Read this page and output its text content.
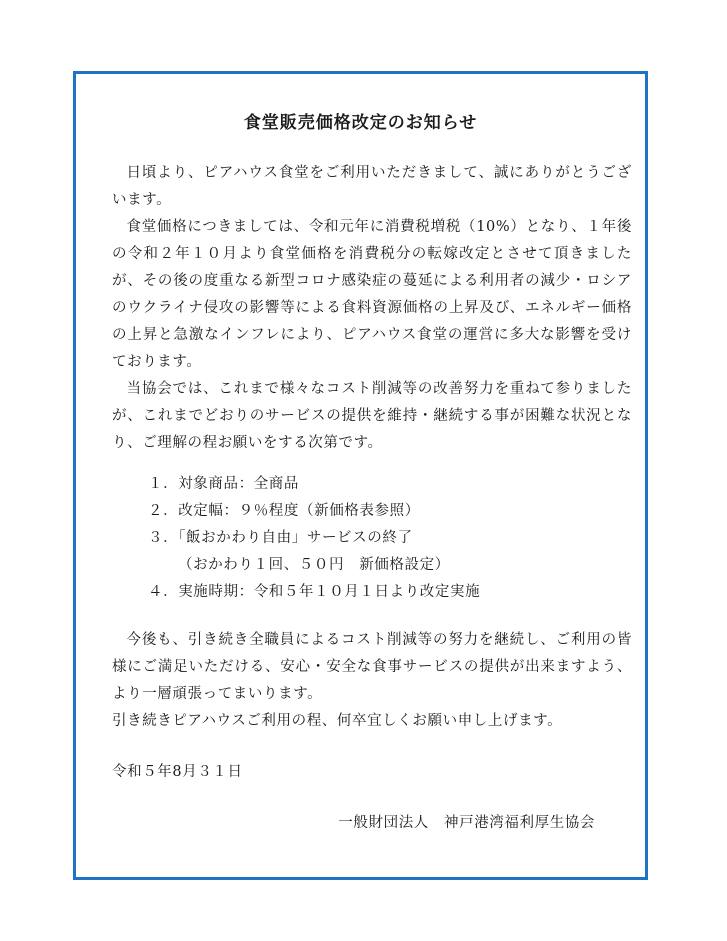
食堂販売価格改定のお知らせ

日頃より、ピアハウス食堂をご利用いただきまして、誠にありがとうございます。

食堂価格につきましては、令和元年に消費税増税（10%）となり、１年後の令和２年１０月より食堂価格を消費税分の転嫁改定とさせて頂きましたが、その後の度重なる新型コロナ感染症の蔓延による利用者の減少・ロシアのウクライナ侵攻の影響等による食料資源価格の上昇及び、エネルギー価格の上昇と急激なインフレにより、ピアハウス食堂の運営に多大な影響を受けております。

当協会では、これまで様々なコスト削減等の改善努力を重ねて参りましたが、これまでどおりのサービスの提供を維持・継続する事が困難な状況となり、ご理解の程お願いをする次第です。

１．対象商品：全商品
２．改定幅：９％程度（新価格表参照）
３．「飯おかわり自由」サービスの終了
（おかわり１回、５０円　新価格設定）
４．実施時期：令和５年１０月１日より改定実施

今後も、引き続き全職員によるコスト削減等の努力を継続し、ご利用の皆様にご満足いただける、安心・安全な食事サービスの提供が出来ますよう、より一層頑張ってまいります。

引き続きピアハウスご利用の程、何卒宜しくお願い申し上げます。

令和５年8月３１日
一般財団法人　神戸港湾福利厚生協会
